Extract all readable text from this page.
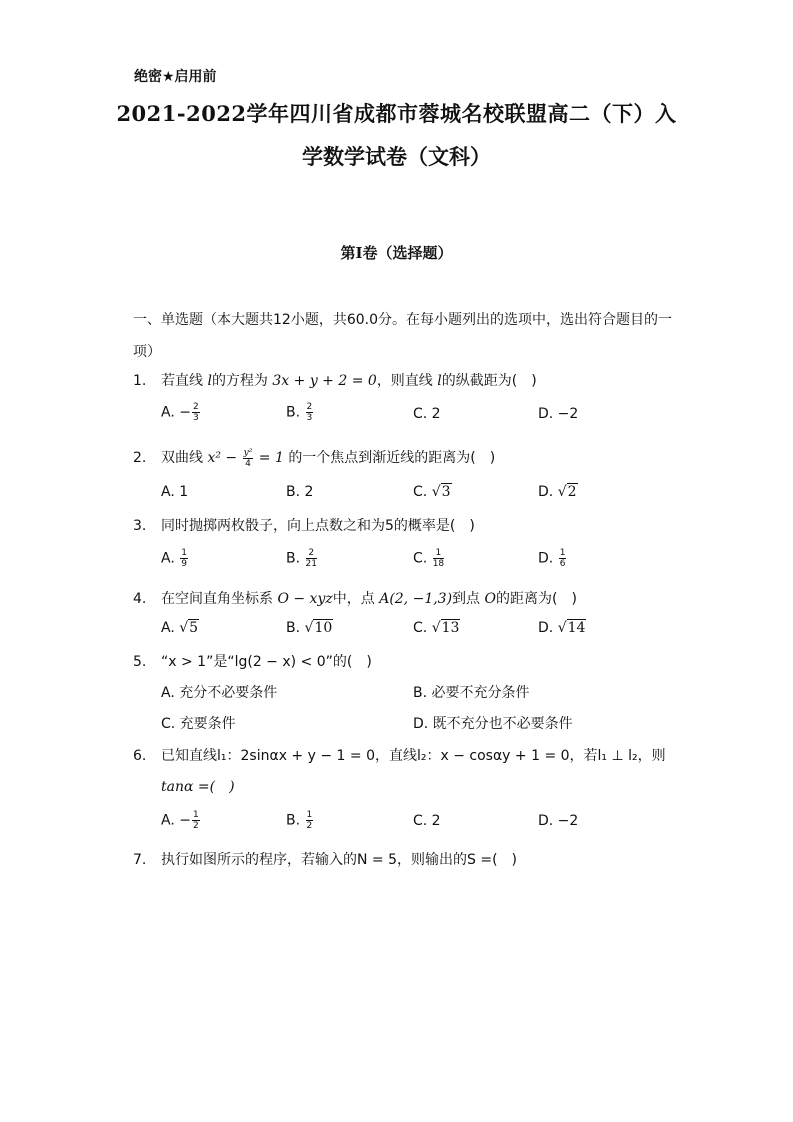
绝密★启用前
2021-2022学年四川省成都市蓉城名校联盟高二（下）入
学数学试卷（文科）
第I卷（选择题）
一、单选题（本大题共12小题，共60.0分。在每小题列出的选项中，选出符合题目的一项）
1. 若直线 l的方程为 3x + y + 2 = 0，则直线 l的纵截距为(　)
A. − $\frac{2}{3}$	B. $\frac{2}{3}$	C. 2	D. −2
2. 双曲线 $x^2 - \frac{\text{y²}}{4} = 1$ 的一个焦点到渐近线的距离为(　)
A. 1	B. 2	C. √3	D. √2
3. 同时抛掷两枚骰子，向上点数之和为5的概率是(　)
A. $\frac{1}{9}$	B. $\frac{2}{21}$	C. $\frac{1}{18}$	D. $\frac{1}{6}$
4. 在空间直角坐标系 O − xyz中，点 A(2, −1,3)到点 O的距离为(　)
A. √5	B. √10	C. √13	D. √14
5. “x > 1”是“lg(2 − x) < 0”的(　)
A. 充分不必要条件	B. 必要不充分条件
C. 充要条件	D. 既不充分也不必要条件
6. 已知直线l₁：2sinαx + y − 1 = 0，直线l₂：x − cosαy + 1 = 0，若l₁ ⊥ l₂，则
tanα =(　)
A. − $\frac{1}{2}$	B. $\frac{1}{2}$	C. 2	D. −2
7. 执行如图所示的程序，若输入的N = 5，则输出的S =(　)
